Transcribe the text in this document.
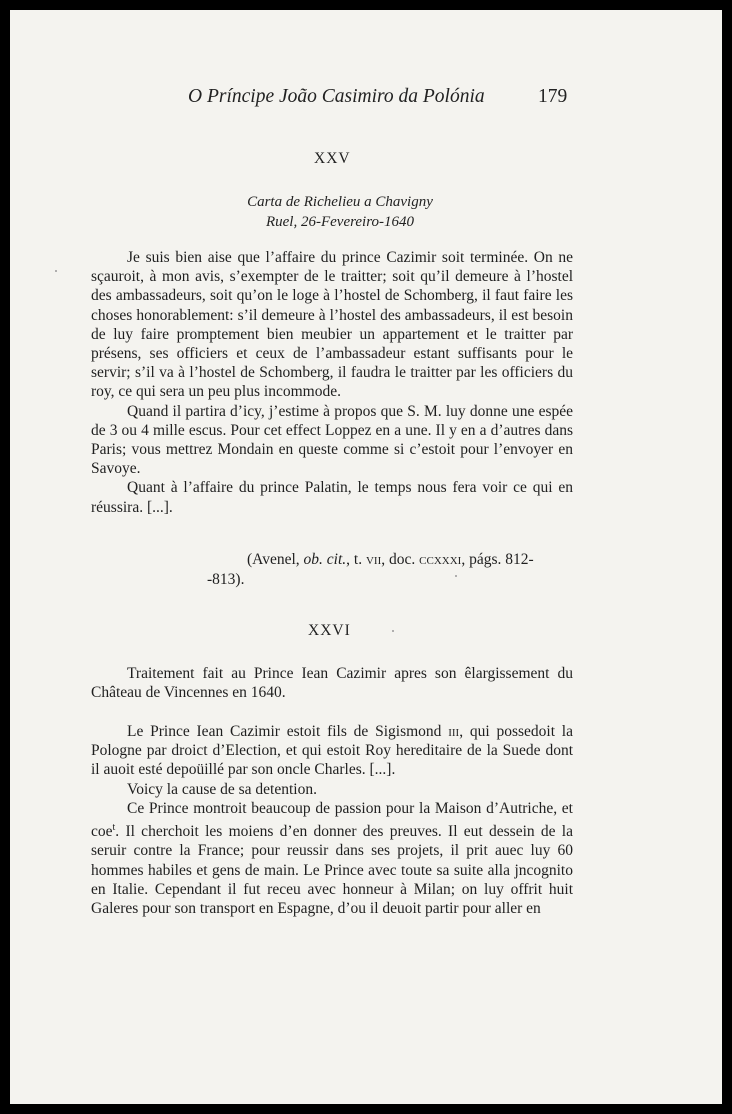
O Príncipe João Casimiro da Polónia	179
XXV
Carta de Richelieu a Chavigny
Ruel, 26-Fevereiro-1640

Je suis bien aise que l’affaire du prince Cazimir soit terminée. On ne sçauroit, à mon avis, s’exempter de le traitter; soit qu’il demeure à l’hostel des ambassadeurs, soit qu’on le loge à l’hostel de Schomberg, il faut faire les choses honorablement: s’il demeure à l’hostel des ambassadeurs, il est besoin de luy faire promptement bien meubier un appartement et le traitter par présens, ses officiers et ceux de l’ambassadeur estant suffisants pour le servir; s’il va à l’hostel de Schomberg, il faudra le traitter par les officiers du roy, ce qui sera un peu plus incommode.

Quand il partira d’icy, j’estime à propos que S. M. luy donne une espée de 3 ou 4 mille escus. Pour cet effect Loppez en a une. Il y en a d’autres dans Paris; vous mettrez Mondain en queste comme si c’estoit pour l’envoyer en Savoye.

Quant à l’affaire du prince Palatin, le temps nous fera voir ce qui en réussira. [...].

(Avenel, ob. cit., t. vii, doc. ccxxxi, págs. 812-
-813).
XXVI

Traitement fait au Prince Iean Cazimir apres son êlargissement du Château de Vincennes en 1640.

Le Prince Iean Cazimir estoit fils de Sigismond iii, qui possedoit la Pologne par droict d’Election, et qui estoit Roy hereditaire de la Suede dont il auoit esté depoüillé par son oncle Charles. [...].

Voicy la cause de sa detention.

Ce Prince montroit beaucoup de passion pour la Maison d’Autriche, et coe$^t$. Il cherchoit les moiens d’en donner des preuves. Il eut dessein de la seruir contre la France; pour reussir dans ses projets, il prit auec luy 60 hommes habiles et gens de main. Le Prince avec toute sa suite alla jncognito en Italie. Cependant il fut receu avec honneur à Milan; on luy offrit huit Galeres pour son transport en Espagne, d’ou il deuoit partir pour aller en
